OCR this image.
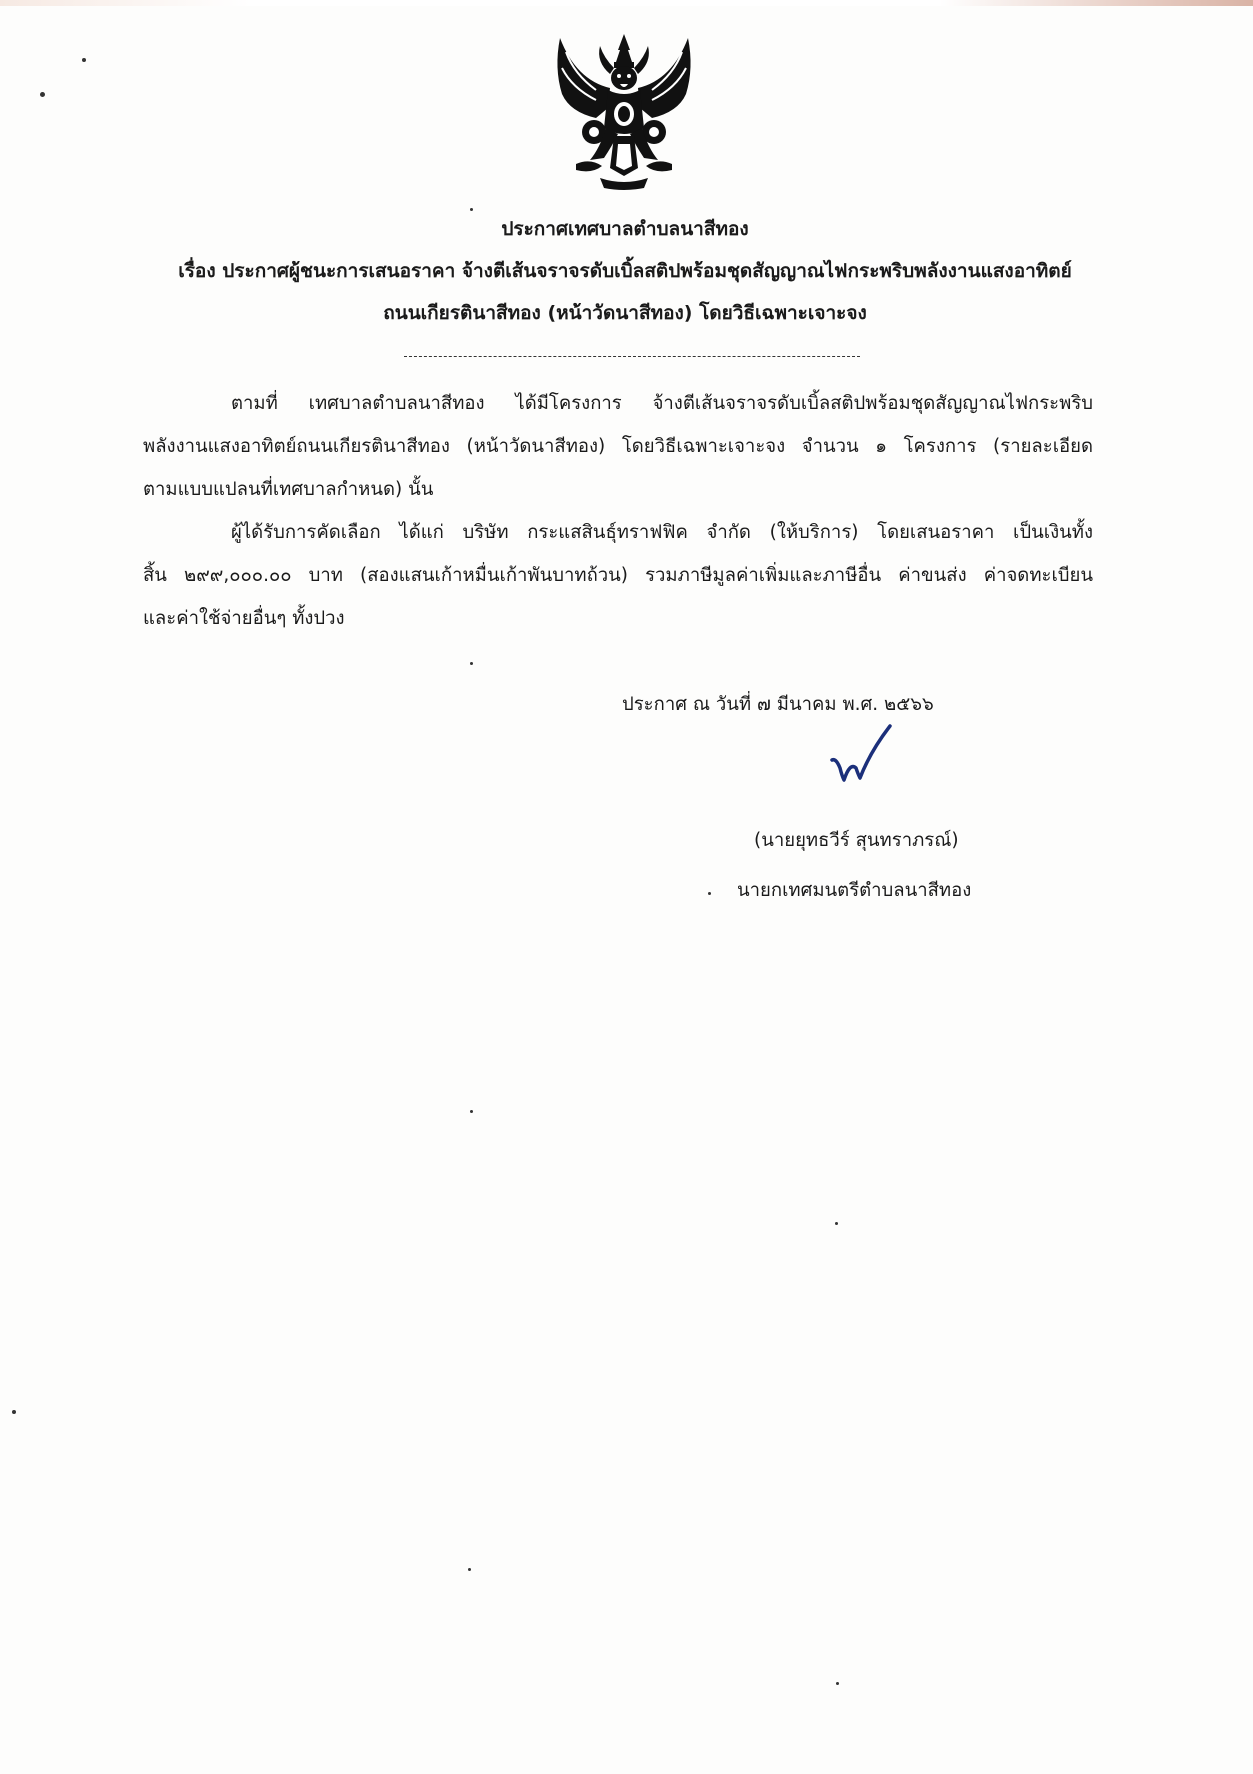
ประกาศเทศบาลตำบลนาสีทอง
เรื่อง ประกาศผู้ชนะการเสนอราคา จ้างตีเส้นจราจรดับเบิ้ลสติปพร้อมชุดสัญญาณไฟกระพริบพลังงานแสงอาทิตย์
ถนนเกียรตินาสีทอง (หน้าวัดนาสีทอง) โดยวิธีเฉพาะเจาะจง
ตามที่ เทศบาลตำบลนาสีทอง ได้มีโครงการ จ้างตีเส้นจราจรดับเบิ้ลสติปพร้อมชุดสัญญาณไฟกระพริบ
พลังงานแสงอาทิตย์ถนนเกียรตินาสีทอง (หน้าวัดนาสีทอง) โดยวิธีเฉพาะเจาะจง จำนวน ๑ โครงการ (รายละเอียด
ตามแบบแปลนที่เทศบาลกำหนด) นั้น
ผู้ได้รับการคัดเลือก ได้แก่ บริษัท กระแสสินธุ์ทราฟฟิค จำกัด (ให้บริการ) โดยเสนอราคา เป็นเงินทั้ง
สิ้น ๒๙๙,๐๐๐.๐๐ บาท (สองแสนเก้าหมื่นเก้าพันบาทถ้วน) รวมภาษีมูลค่าเพิ่มและภาษีอื่น ค่าขนส่ง ค่าจดทะเบียน
และค่าใช้จ่ายอื่นๆ ทั้งปวง
ประกาศ ณ วันที่ ๗ มีนาคม พ.ศ. ๒๕๖๖
(นายยุทธวีร์ สุนทราภรณ์)
นายกเทศมนตรีตำบลนาสีทอง
